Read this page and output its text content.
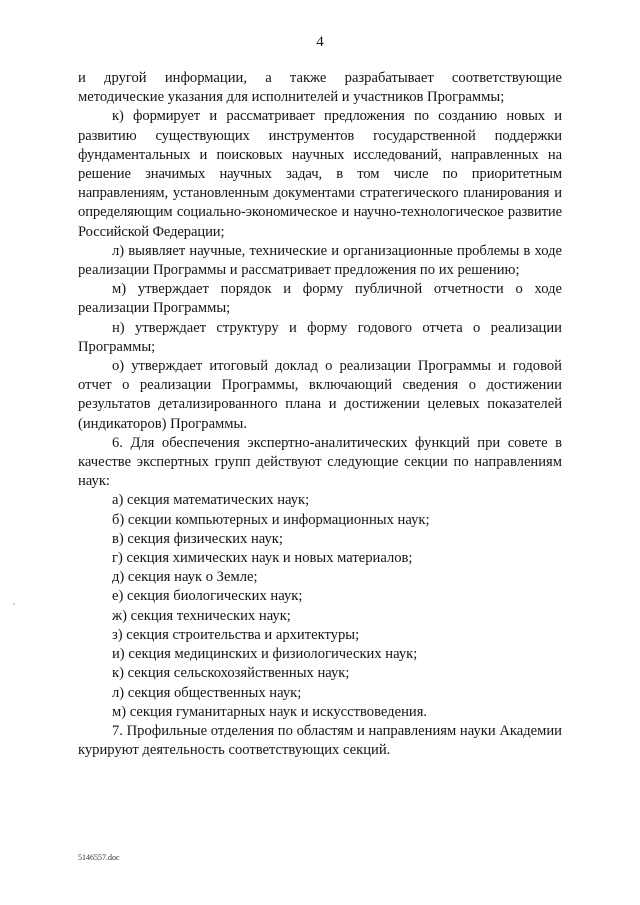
4

и другой информации, а также разрабатывает соответствующие методические указания для исполнителей и участников Программы;

к) формирует и рассматривает предложения по созданию новых и развитию существующих инструментов государственной поддержки фундаментальных и поисковых научных исследований, направленных на решение значимых научных задач, в том числе по приоритетным направлениям, установленным документами стратегического планирования и определяющим социально-экономическое и научно-технологическое развитие Российской Федерации;

л) выявляет научные, технические и организационные проблемы в ходе реализации Программы и рассматривает предложения по их решению;

м) утверждает порядок и форму публичной отчетности о ходе реализации Программы;

н) утверждает структуру и форму годового отчета о реализации Программы;

о) утверждает итоговый доклад о реализации Программы и годовой отчет о реализации Программы, включающий сведения о достижении результатов детализированного плана и достижении целевых показателей (индикаторов) Программы.

6. Для обеспечения экспертно-аналитических функций при совете в качестве экспертных групп действуют следующие секции по направлениям наук:

а) секция математических наук;

б) секции компьютерных и информационных наук;

в) секция физических наук;

г) секция химических наук и новых материалов;

д) секция наук о Земле;

е) секция биологических наук;

ж) секция технических наук;

з) секция строительства и архитектуры;

и) секция медицинских и физиологических наук;

к) секция сельскохозяйственных наук;

л) секция общественных наук;

м) секция гуманитарных наук и искусствоведения.

7. Профильные отделения по областям и направлениям науки Академии курируют деятельность соответствующих секций.

5146557.doc
